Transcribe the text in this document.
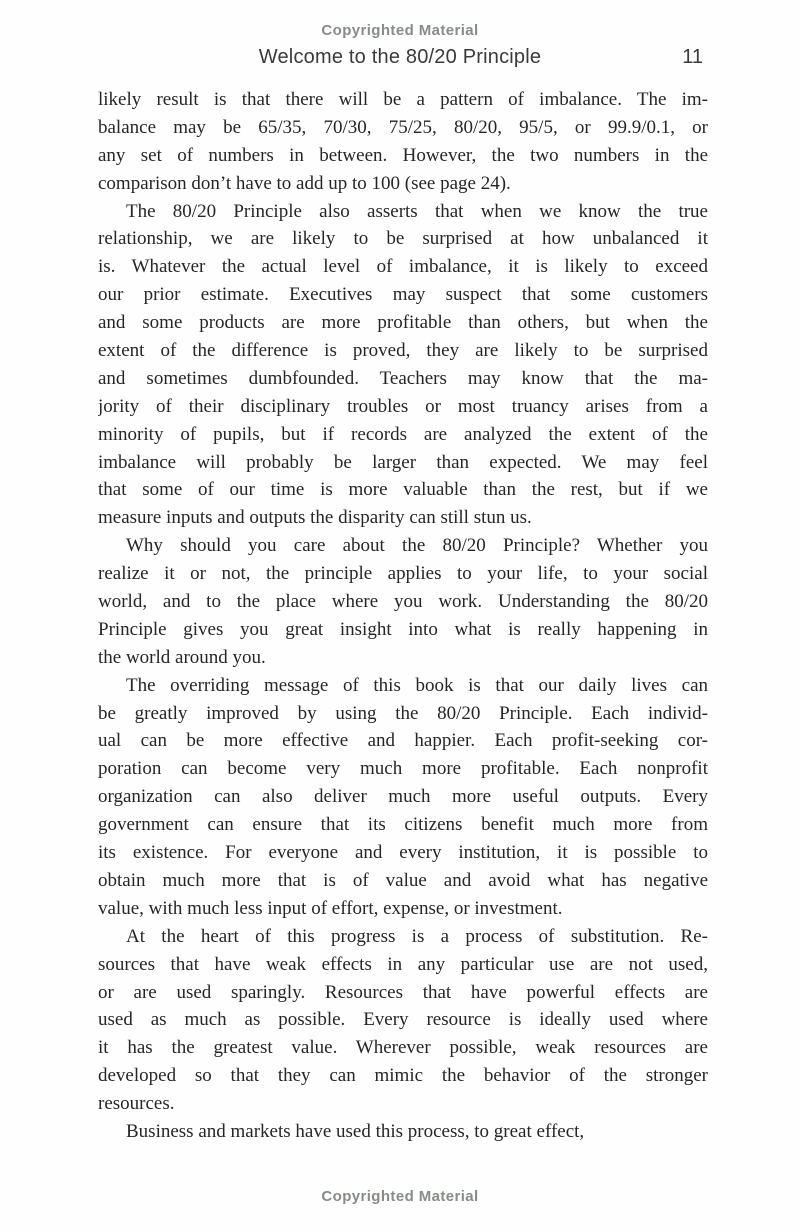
Copyrighted Material
Welcome to the 80/20 Principle	11
likely result is that there will be a pattern of imbalance. The im-
balance may be 65/35, 70/30, 75/25, 80/20, 95/5, or 99.9/0.1, or
any set of numbers in between. However, the two numbers in the
comparison don’t have to add up to 100 (see page 24).
The 80/20 Principle also asserts that when we know the true
relationship, we are likely to be surprised at how unbalanced it
is. Whatever the actual level of imbalance, it is likely to exceed
our prior estimate. Executives may suspect that some customers
and some products are more profitable than others, but when the
extent of the difference is proved, they are likely to be surprised
and sometimes dumbfounded. Teachers may know that the ma-
jority of their disciplinary troubles or most truancy arises from a
minority of pupils, but if records are analyzed the extent of the
imbalance will probably be larger than expected. We may feel
that some of our time is more valuable than the rest, but if we
measure inputs and outputs the disparity can still stun us.
Why should you care about the 80/20 Principle? Whether you
realize it or not, the principle applies to your life, to your social
world, and to the place where you work. Understanding the 80/20
Principle gives you great insight into what is really happening in
the world around you.
The overriding message of this book is that our daily lives can
be greatly improved by using the 80/20 Principle. Each individ-
ual can be more effective and happier. Each profit-seeking cor-
poration can become very much more profitable. Each nonprofit
organization can also deliver much more useful outputs. Every
government can ensure that its citizens benefit much more from
its existence. For everyone and every institution, it is possible to
obtain much more that is of value and avoid what has negative
value, with much less input of effort, expense, or investment.
At the heart of this progress is a process of substitution. Re-
sources that have weak effects in any particular use are not used,
or are used sparingly. Resources that have powerful effects are
used as much as possible. Every resource is ideally used where
it has the greatest value. Wherever possible, weak resources are
developed so that they can mimic the behavior of the stronger
resources.
Business and markets have used this process, to great effect,
Copyrighted Material
